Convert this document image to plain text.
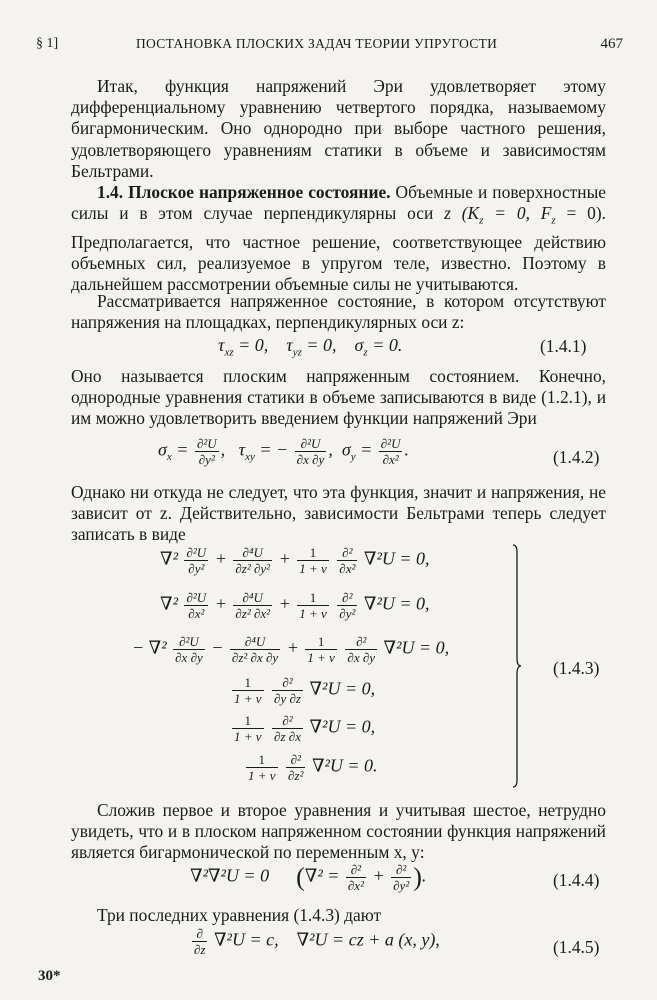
§ 1]	ПОСТАНОВКА ПЛОСКИХ ЗАДАЧ ТЕОРИИ УПРУГОСТИ	467
Итак, функция напряжений Эри удовлетворяет этому дифференциальному уравнению четвертого порядка, называемому бигармоническим. Оно однородно при выборе частного решения, удовлетворяющего уравнениям статики в объеме и зависимостям Бельтрами.
1.4. Плоское напряженное состояние. Объемные и поверхностные силы и в этом случае перпендикулярны оси z ($K_z = 0$, $F_z = 0$). Предполагается, что частное решение, соответствующее действию объемных сил, реализуемое в упругом теле, известно. Поэтому в дальнейшем рассмотрении объемные силы не учитываются.
Рассматривается напряженное состояние, в котором отсутствуют напряжения на площадках, перпендикулярных оси z:
$\tau_{xz} = 0$,    $\tau_{yz} = 0$,    $\sigma_z = 0$.	(1.4.1)
Оно называется плоским напряженным состоянием. Конечно, однородные уравнения статики в объеме записываются в виде (1.2.1), и им можно удовлетворить введением функции напряжений Эри
$\sigma_x = \frac{\text{∂²U}}{\text{∂y²}}$ ,   $\tau_{xy}$ = − $\frac{\text{∂²U}}{\partial x \partial y}$ ,  $\sigma_y = \frac{\text{∂²U}}{\text{∂x²}}$ .	(1.4.2)
Однако ни откуда не следует, что эта функция, значит и напряжения, не зависит от z. Действительно, зависимости Бельтрами теперь следует записать в виде
$\nabla^2 \frac{\text{∂²U}}{\text{∂y²}} + \frac{\text{∂⁴U}}{\text{∂z² ∂y²}} + \frac{1}{1 + \nu}$
$\frac{\text{∂²}}{\text{∂x²}} \nabla^2U = 0$,
$\nabla^2 \frac{\text{∂²U}}{\text{∂x²}} + \frac{\text{∂⁴U}}{\text{∂z² ∂x²}} + \frac{1}{1 + \nu}$
$\frac{\text{∂²}}{\text{∂y²}} \nabla^2U = 0$,
− $\nabla^2 \frac{\text{∂²U}}{\partial x \partial y} - \frac{\text{∂⁴U}}{\text{∂z² ∂x ∂y}} + \frac{1}{1 + \nu}$
$\frac{\text{∂²}}{\partial x \partial y} \nabla^2U = 0$,
$\frac{1}{1 + \nu}$
$\frac{\text{∂²}}{\partial y \partial z} \nabla^2U = 0$,
$\frac{1}{1 + \nu}$
$\frac{\text{∂²}}{\partial z \partial x} \nabla^2U = 0$,
$\frac{1}{1 + \nu}$
$\frac{\text{∂²}}{\text{∂z²}} \nabla^2U = 0$.
(1.4.3)
Сложив первое и второе уравнения и учитывая шестое, нетрудно увидеть, что и в плоском напряженном состоянии функция напряжений является бигармонической по переменным x, y:
∇²∇²U = 0      ($\nabla^2 = \frac{\text{∂²}}{\text{∂x²}} + \frac{\text{∂²}}{\text{∂y²}}$ ).	(1.4.4)
Три последних уравнения (1.4.3) дают
$\frac{\partial}{\partial z} \nabla^2U = c$,    ∇²U = cz + a (x, y),	(1.4.5)
30*
